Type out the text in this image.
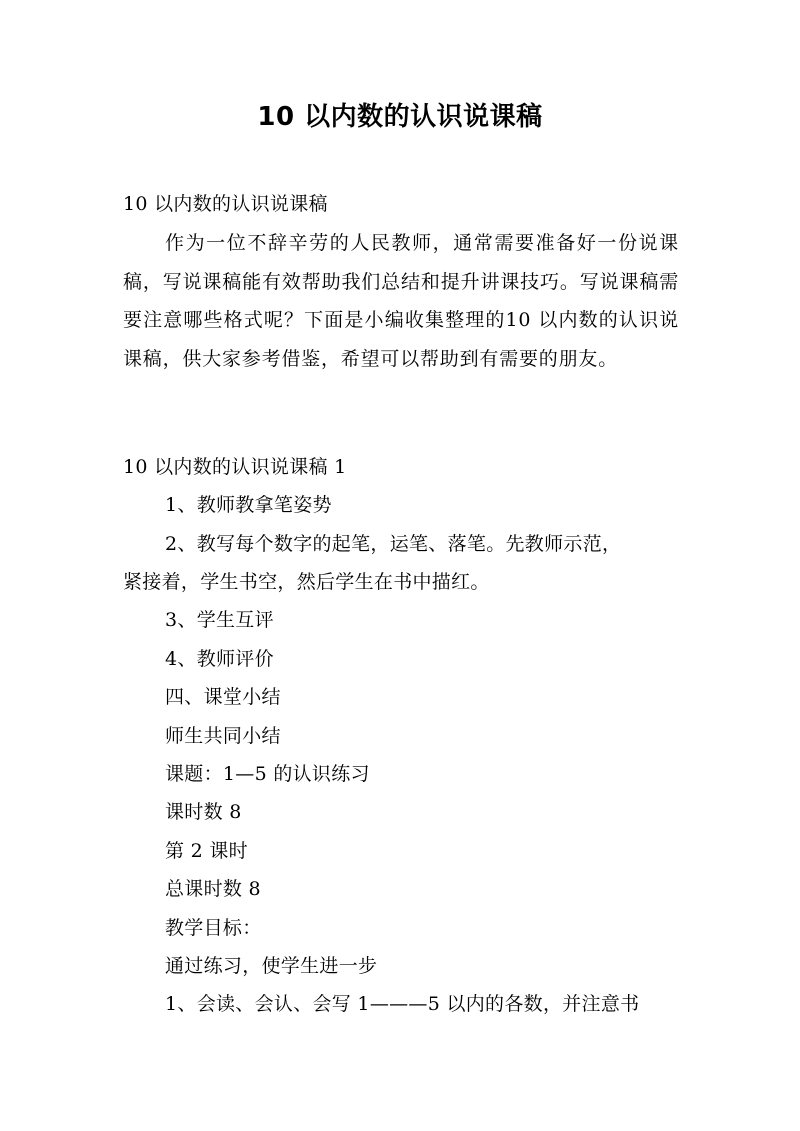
10 以内数的认识说课稿
10 以内数的认识说课稿
作为一位不辞辛劳的人民教师，通常需要准备好一份说课稿，写说课稿能有效帮助我们总结和提升讲课技巧。写说课稿需要注意哪些格式呢？下面是小编收集整理的10 以内数的认识说课稿，供大家参考借鉴，希望可以帮助到有需要的朋友。
10 以内数的认识说课稿 1
1、教师教拿笔姿势
2、教写每个数字的起笔，运笔、落笔。先教师示范，
紧接着，学生书空，然后学生在书中描红。
3、学生互评
4、教师评价
四、课堂小结
师生共同小结
课题：1—5 的认识练习
课时数 8
第 2 课时
总课时数 8
教学目标：
通过练习，使学生进一步
1、会读、会认、会写 1———5 以内的各数，并注意书
